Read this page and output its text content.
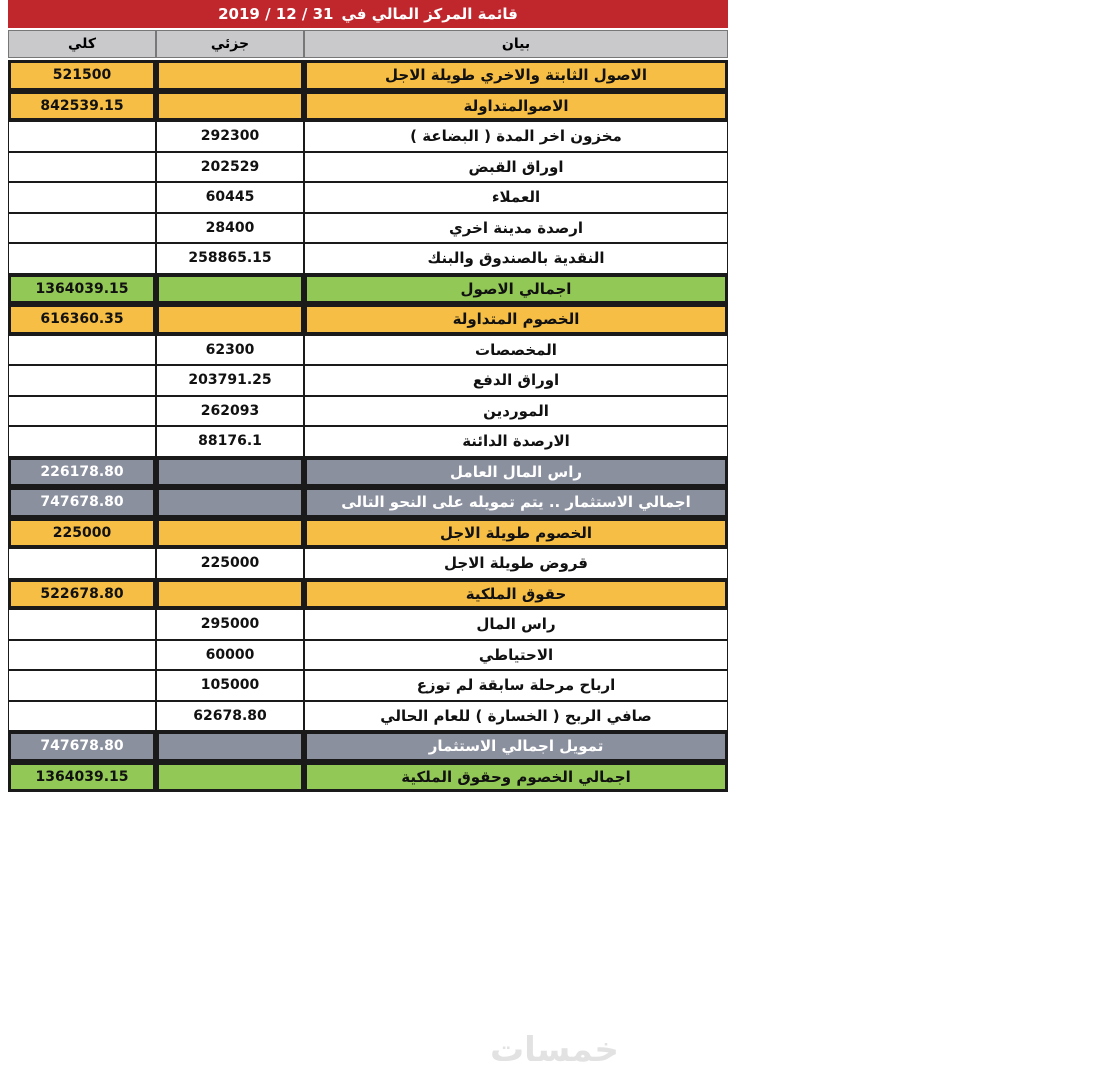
2019 / 12 / 31 قائمة المركز المالي في
بيان
جزئي
كلي
الاصول الثابتة والاخري طويلة الاجل
521500
الاصوالمتداولة
842539.15
مخزون اخر المدة ( البضاعة )
292300
اوراق القبض
202529
العملاء
60445
ارصدة مدينة اخري
28400
النقدية بالصندوق والبنك
258865.15
اجمالي الاصول
1364039.15
الخصوم المتداولة
616360.35
المخصصات
62300
اوراق الدفع
203791.25
الموردين
262093
الارصدة الدائنة
88176.1
راس المال العامل
226178.80
اجمالي الاستثمار .. يتم تمويله على النحو التالى
747678.80
الخصوم طويلة الاجل
225000
قروض طويلة الاجل
225000
حقوق الملكية
522678.80
راس المال
295000
الاحتياطي
60000
ارباح مرحلة سابقة لم توزع
105000
صافي الربح ( الخسارة ) للعام الحالي
62678.80
تمويل اجمالي الاستثمار
747678.80
اجمالي الخصوم وحقوق الملكية
1364039.15
خمسات
